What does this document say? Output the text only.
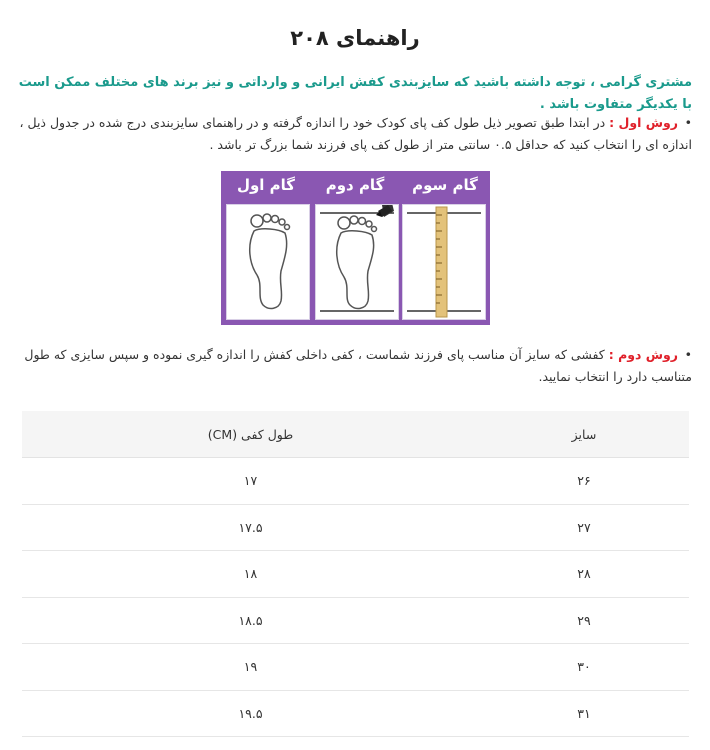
راهنمای ۲۰۸
مشتری گرامی ، توجه داشته باشید که سایزبندی کفش ایرانی و وارداتی و نیز برند های مختلف ممکن است با یکدیگر متفاوت باشد .
•روش اول : در ابتدا طبق تصویر ذیل طول کف پای کودک خود را اندازه گرفته و در راهنمای سایزبندی درج شده در جدول ذیل ، اندازه ای را انتخاب کنید که حداقل ۰.۵ سانتی متر از طول کف پای فرزند شما بزرگ تر باشد .
گام اول	گام دوم	گام سوم
•روش دوم : کفشی که سایز آن مناسب پای فرزند شماست ، کفی داخلی کفش را اندازه گیری نموده و سپس سایزی که طول متناسب دارد را انتخاب نمایید.
سایز
طول کفی (CM)
۲۶
۱۷
۲۷
۱۷.۵
۲۸
۱۸
۲۹
۱۸.۵
۳۰
۱۹
۳۱
۱۹.۵
